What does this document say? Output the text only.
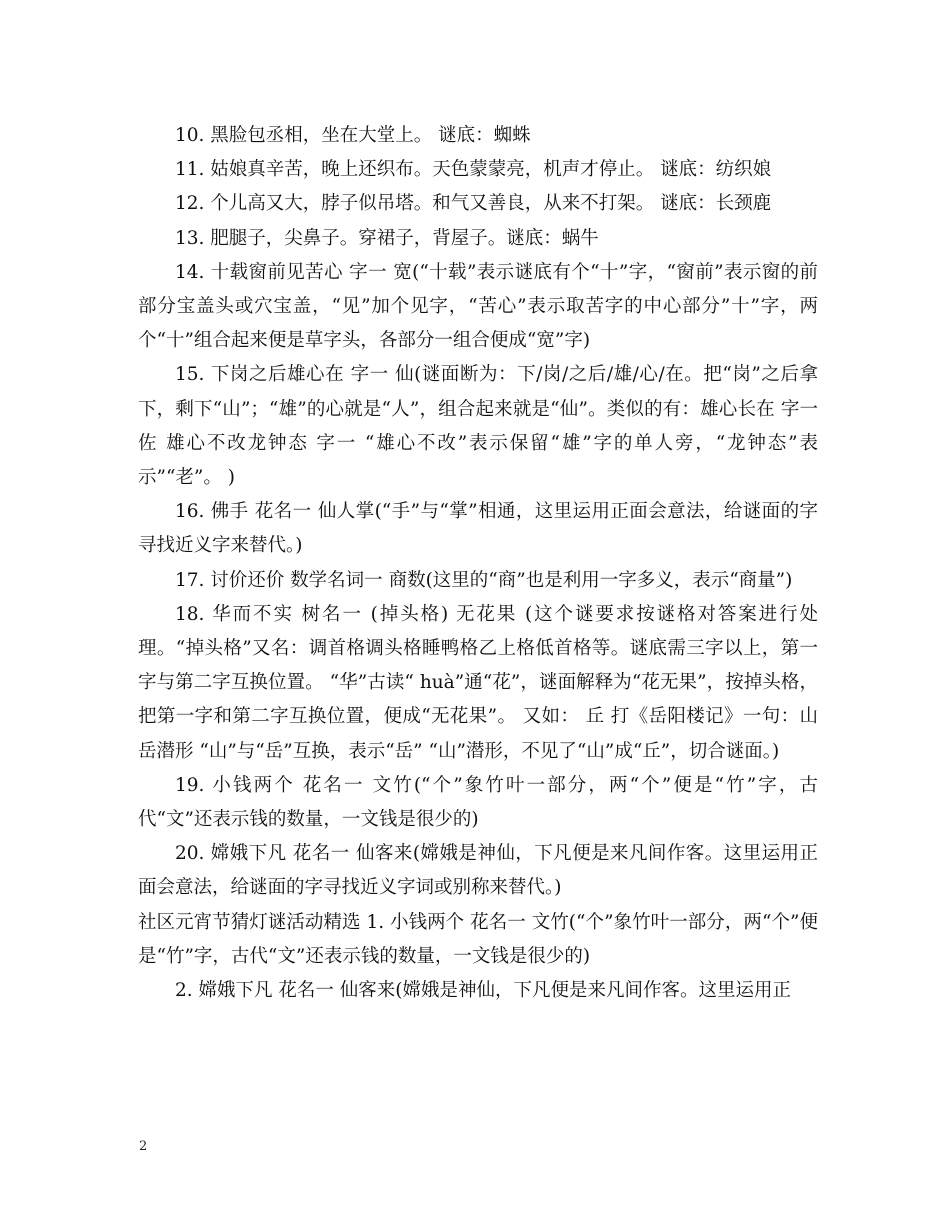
10. 黑脸包丞相，坐在大堂上。 谜底：蜘蛛

11. 姑娘真辛苦，晚上还织布。天色蒙蒙亮，机声才停止。 谜底：纺织娘

12. 个儿高又大，脖子似吊塔。和气又善良，从来不打架。 谜底：长颈鹿

13. 肥腿子，尖鼻子。穿裙子，背屋子。谜底：蜗牛

14. 十载窗前见苦心 字一 宽(“十载”表示谜底有个“十”字，“窗前”表示窗的前部分宝盖头或穴宝盖，“见”加个见字，“苦心”表示取苦字的中心部分”十”字，两个“十”组合起来便是草字头，各部分一组合便成“宽”字)

15. 下岗之后雄心在 字一 仙(谜面断为：下/岗/之后/雄/心/在。把“岗”之后拿下，剩下“山”；“雄”的心就是“人”，组合起来就是“仙”。类似的有：雄心长在 字一 佐 雄心不改龙钟态 字一 “雄心不改”表示保留“雄”字的单人旁，“龙钟态”表示”“老”。 )

16. 佛手 花名一 仙人掌(“手”与“掌”相通，这里运用正面会意法，给谜面的字寻找近义字来替代。)

17. 讨价还价 数学名词一 商数(这里的“商”也是利用一字多义，表示“商量”)

18. 华而不实 树名一 (掉头格) 无花果 (这个谜要求按谜格对答案进行处理。“掉头格”又名：调首格调头格睡鸭格乙上格低首格等。谜底需三字以上，第一字与第二字互换位置。 “华”古读“ huà”通“花”，谜面解释为“花无果”，按掉头格，把第一字和第二字互换位置，便成“无花果”。 又如： 丘 打《岳阳楼记》一句：山岳潜形 “山”与“岳”互换，表示“岳” “山”潜形，不见了“山”成“丘”，切合谜面。)

19. 小钱两个 花名一 文竹(“个”象竹叶一部分，两“个”便是“竹”字，古代“文”还表示钱的数量，一文钱是很少的)

20. 嫦娥下凡 花名一 仙客来(嫦娥是神仙，下凡便是来凡间作客。这里运用正面会意法，给谜面的字寻找近义字词或别称来替代。)

社区元宵节猜灯谜活动精选 1. 小钱两个 花名一 文竹(“个”象竹叶一部分，两“个”便是“竹”字，古代“文”还表示钱的数量，一文钱是很少的)

2. 嫦娥下凡 花名一 仙客来(嫦娥是神仙，下凡便是来凡间作客。这里运用正

2
